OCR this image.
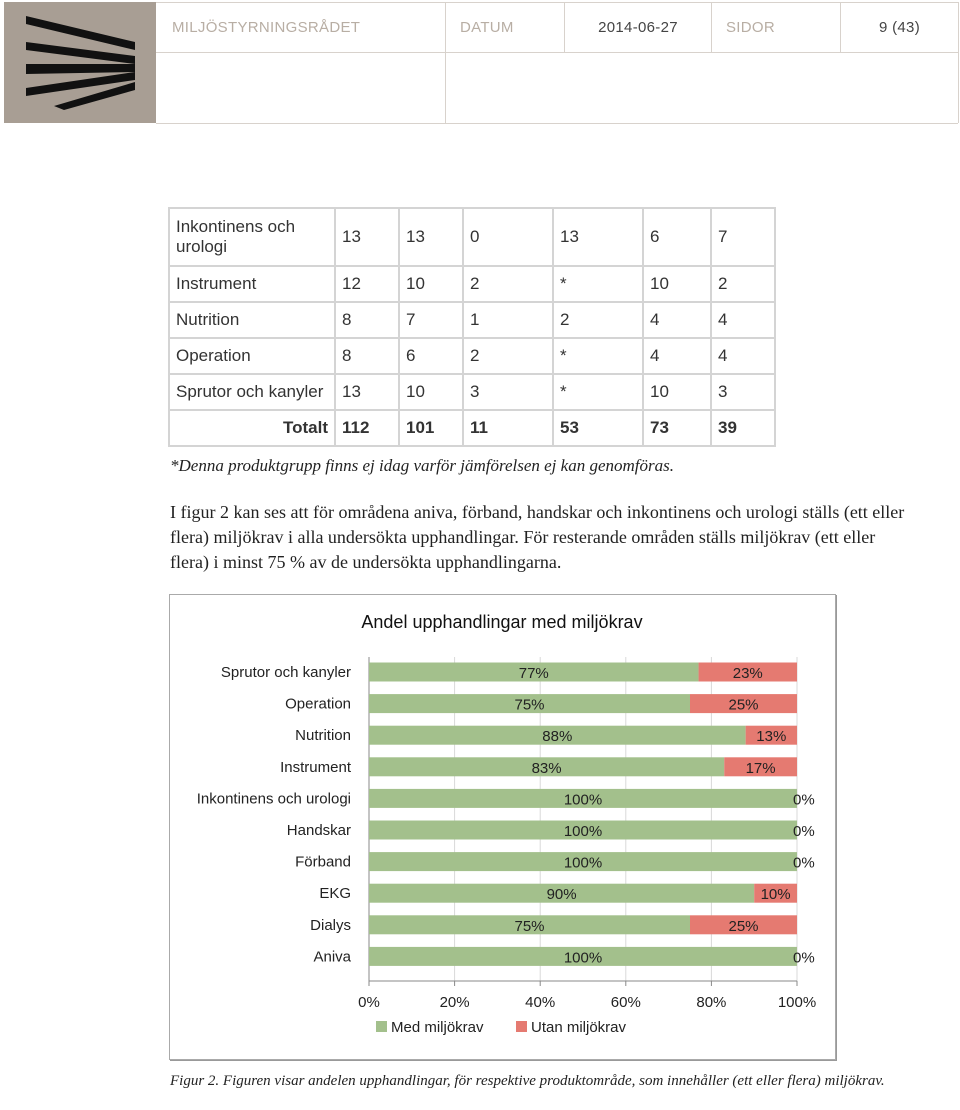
MILJÖSTYRNINGSRÅDET	DATUM	2014-06-27	SIDOR	9 (43)
Inkontinens och urologi	13	13	0	13	6	7
Instrument	12	10	2	*	10	2
Nutrition	8	7	1	2	4	4
Operation	8	6	2	*	4	4
Sprutor och kanyler	13	10	3	*	10	3
Totalt	112	101	11	53	73	39
*Denna produktgrupp finns ej idag varför jämförelsen ej kan genomföras.

I figur 2 kan ses att för områdena aniva, förband, handskar och inkontinens och urologi ställs (ett eller flera) miljökrav i alla undersökta upphandlingar. För resterande områden ställs miljökrav (ett eller flera) i minst 75 % av de undersökta upphandlingarna.

Andel upphandlingar med miljökrav
0%	20%	40%	60%	80%	100%
Sprutor och kanyler	77%	23%
Operation	75%	25%
Nutrition	88%	13%
Instrument	83%	17%
Inkontinens och urologi	100%	0%
Handskar	100%	0%
Förband	100%	0%
EKG	90%	10%
Dialys	75%	25%
Aniva	100%	0%
Med miljökrav	Utan miljökrav
Figur 2. Figuren visar andelen upphandlingar, för respektive produktområde, som innehåller (ett eller flera) miljökrav.
